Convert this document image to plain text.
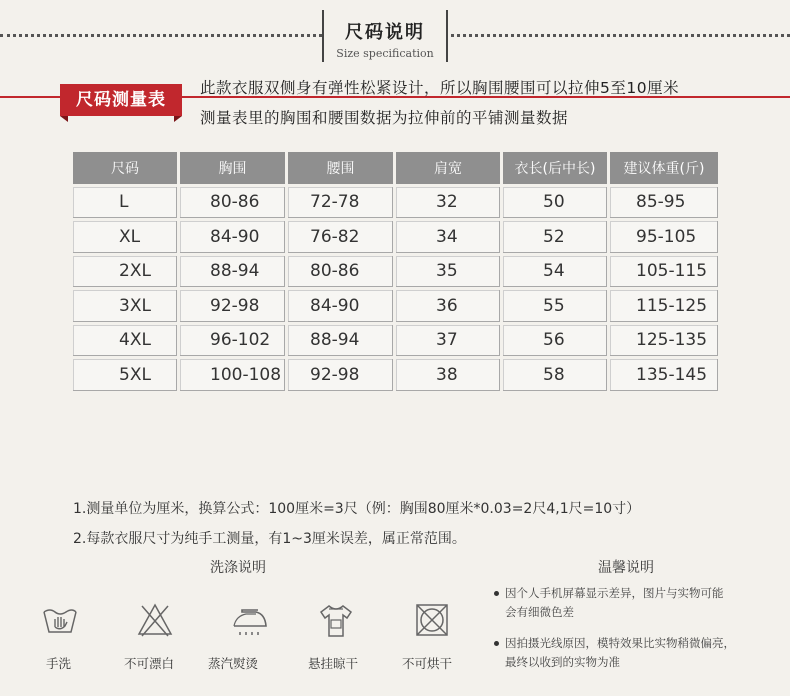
尺码说明
Size specification
尺码测量表
此款衣服双侧身有弹性松紧设计，所以胸围腰围可以拉伸5至10厘米
测量表里的胸围和腰围数据为拉伸前的平铺测量数据
尺码	胸围	腰围	肩宽	衣长(后中长)	建议体重(斤)
L	80-86	72-78	32	50	85-95
XL	84-90	76-82	34	52	95-105
2XL	88-94	80-86	35	54	105-115
3XL	92-98	84-90	36	55	115-125
4XL	96-102	88-94	37	56	125-135
5XL	100-108	92-98	38	58	135-145
1.测量单位为厘米，换算公式：100厘米=3尺（例：胸围80厘米*0.03=2尺4,1尺=10寸）
2.每款衣服尺寸为纯手工测量，有1~3厘米误差，属正常范围。
洗涤说明
手洗	不可漂白	蒸汽熨烫	悬挂晾干	不可烘干
温馨说明
因个人手机屏幕显示差异，图片与实物可能
会有细微色差
因拍摄光线原因，模特效果比实物稍微偏亮，
最终以收到的实物为准
